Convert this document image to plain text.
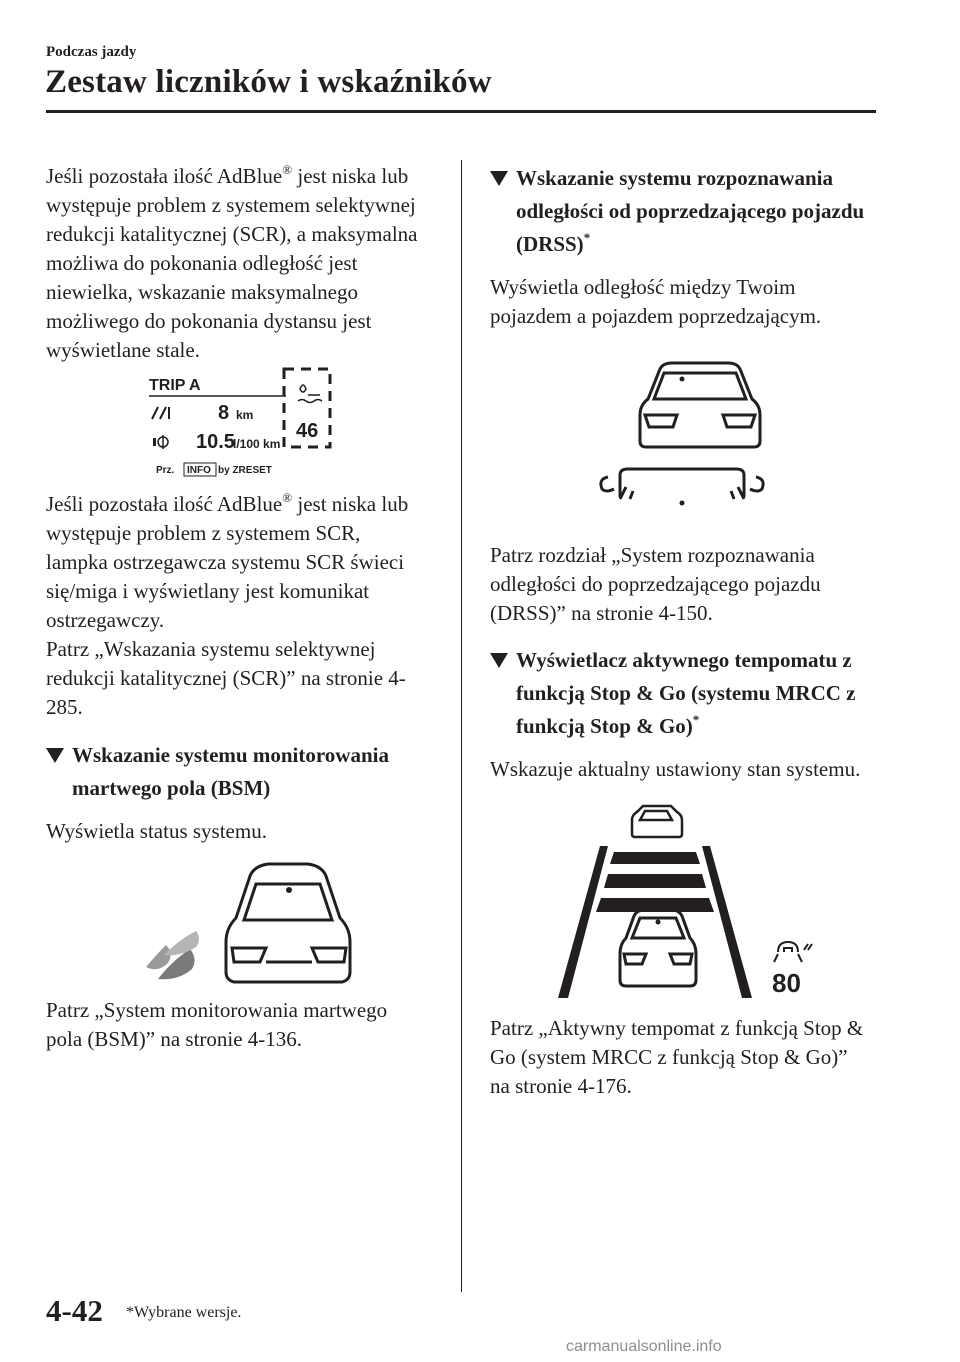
Podczas jazdy
Zestaw liczników i wskaźników

Jeśli pozostała ilość AdBlue® jest niska lub występuje problem z systemem selektywnej redukcji katalitycznej (SCR), a maksymalna możliwa do pokonania odległość jest niewielka, wskazanie maksymalnego możliwego do pokonania dystansu jest wyświetlane stale.

TRIP A
8 km
10.5
l/100 km
46
Prz. INFO by ZRESET

Jeśli pozostała ilość AdBlue® jest niska lub występuje problem z systemem SCR, lampka ostrzegawcza systemu SCR świeci się/miga i wyświetlany jest komunikat ostrzegawczy.

Patrz „Wskazania systemu selektywnej redukcji katalitycznej (SCR)” na stronie 4-285.

Wskazanie systemu monitorowania martwego pola (BSM)

Wyświetla status systemu.

Patrz „System monitorowania martwego pola (BSM)” na stronie 4-136.

Wskazanie systemu rozpoznawania odległości od poprzedzającego pojazdu (DRSS)*

Wyświetla odległość między Twoim pojazdem a pojazdem poprzedzającym.

Patrz rozdział „System rozpoznawania odległości do poprzedzającego pojazdu (DRSS)” na stronie 4-150.

Wyświetlacz aktywnego tempomatu z funkcją Stop & Go (systemu MRCC z funkcją Stop & Go)*

Wskazuje aktualny ustawiony stan systemu.

80

Patrz „Aktywny tempomat z funkcją Stop & Go (system MRCC z funkcją Stop & Go)” na stronie 4-176.

4-42 *Wybrane wersje.
carmanualsonline.info
